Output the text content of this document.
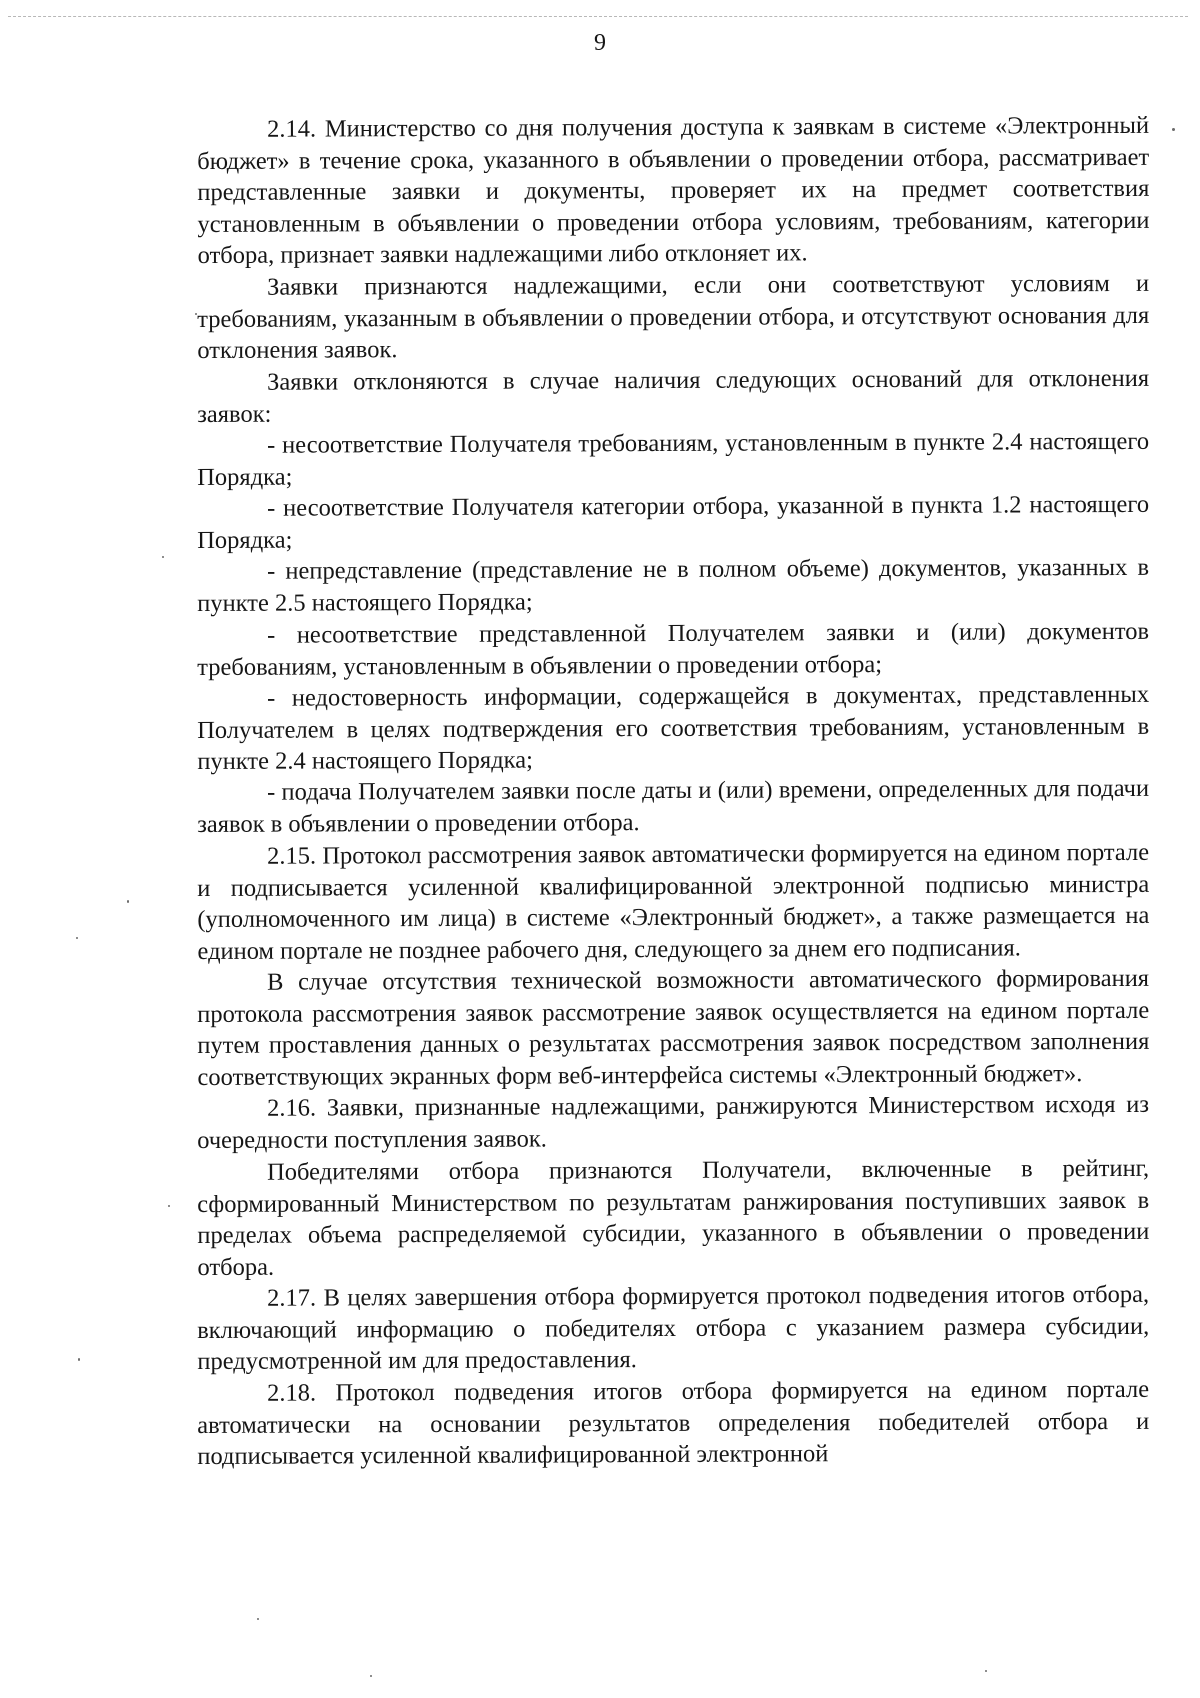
9

2.14. Министерство со дня получения доступа к заявкам в системе «Электронный бюджет» в течение срока, указанного в объявлении о проведении отбора, рассматривает представленные заявки и документы, проверяет их на предмет соответствия установленным в объявлении о проведении отбора условиям, требованиям, категории отбора, признает заявки надлежащими либо отклоняет их.

Заявки признаются надлежащими, если они соответствуют условиям и требованиям, указанным в объявлении о проведении отбора, и отсутствуют основания для отклонения заявок.

Заявки отклоняются в случае наличия следующих оснований для отклонения заявок:

- несоответствие Получателя требованиям, установленным в пункте 2.4 настоящего Порядка;

- несоответствие Получателя категории отбора, указанной в пункта 1.2 настоящего Порядка;

- непредставление (представление не в полном объеме) документов, указанных в пункте 2.5 настоящего Порядка;

- несоответствие представленной Получателем заявки и (или) документов требованиям, установленным в объявлении о проведении отбора;

- недостоверность информации, содержащейся в документах, представленных Получателем в целях подтверждения его соответствия требованиям, установленным в пункте 2.4 настоящего Порядка;

- подача Получателем заявки после даты и (или) времени, определенных для подачи заявок в объявлении о проведении отбора.

2.15. Протокол рассмотрения заявок автоматически формируется на едином портале и подписывается усиленной квалифицированной электронной подписью министра (уполномоченного им лица) в системе «Электронный бюджет», а также размещается на едином портале не позднее рабочего дня, следующего за днем его подписания.

В случае отсутствия технической возможности автоматического формирования протокола рассмотрения заявок рассмотрение заявок осуществляется на едином портале путем проставления данных о результатах рассмотрения заявок посредством заполнения соответствующих экранных форм веб-интерфейса системы «Электронный бюджет».

2.16. Заявки, признанные надлежащими, ранжируются Министерством исходя из очередности поступления заявок.

Победителями отбора признаются Получатели, включенные в рейтинг, сформированный Министерством по результатам ранжирования поступивших заявок в пределах объема распределяемой субсидии, указанного в объявлении о проведении отбора.

2.17. В целях завершения отбора формируется протокол подведения итогов отбора, включающий информацию о победителях отбора с указанием размера субсидии, предусмотренной им для предоставления.

2.18. Протокол подведения итогов отбора формируется на едином портале автоматически на основании результатов определения победителей отбора и подписывается усиленной квалифицированной электронной
